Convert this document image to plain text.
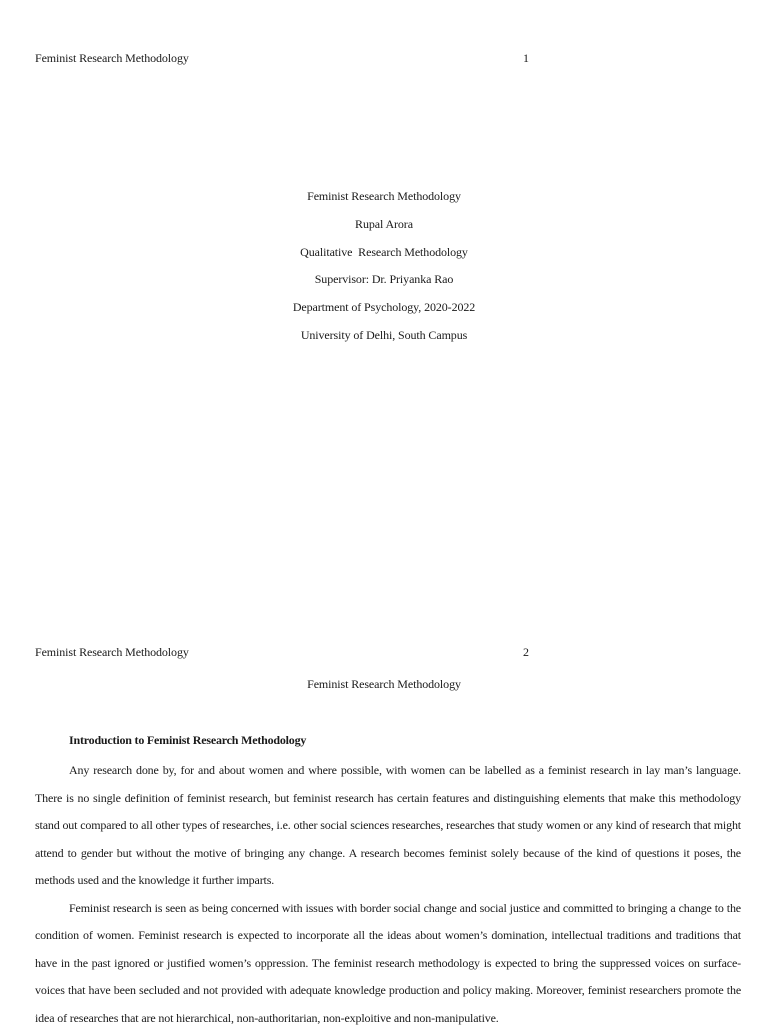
Feminist Research Methodology	1
Feminist Research Methodology
Rupal Arora
Qualitative  Research Methodology
Supervisor: Dr. Priyanka Rao
Department of Psychology, 2020-2022
University of Delhi, South Campus
Feminist Research Methodology	2
Feminist Research Methodology
Introduction to Feminist Research Methodology

Any research done by, for and about women and where possible, with women can be labelled as a feminist research in lay man’s language. There is no single definition of feminist research, but feminist research has certain features and distinguishing elements that make this methodology stand out compared to all other types of researches, i.e. other social sciences researches, researches that study women or any kind of research that might attend to gender but without the motive of bringing any change. A research becomes feminist solely because of the kind of questions it poses, the methods used and the knowledge it further imparts.

Feminist research is seen as being concerned with issues with border social change and social justice and committed to bringing a change to the condition of women. Feminist research is expected to incorporate all the ideas about women’s domination, intellectual traditions and traditions that have in the past ignored or justified women’s oppression. The feminist research methodology is expected to bring the suppressed voices on surface- voices that have been secluded and not provided with adequate knowledge production and policy making. Moreover, feminist researchers promote the idea of researches that are not hierarchical, non-authoritarian, non-exploitive and non-manipulative.
